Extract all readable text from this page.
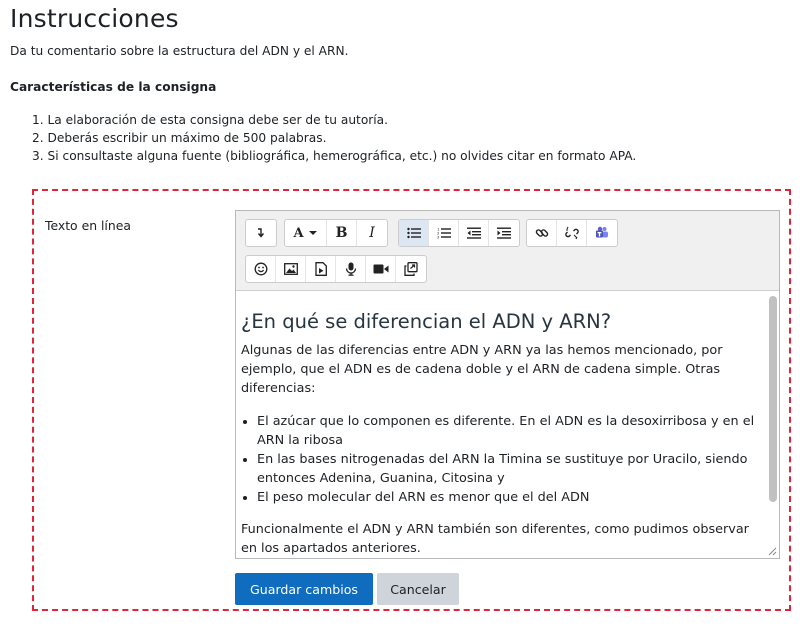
Instrucciones
Da tu comentario sobre la estructura del ADN y el ARN.
Características de la consigna
1. La elaboración de esta consigna debe ser de tu autoría.
2. Deberás escribir un máximo de 500 palabras.
3. Si consultaste alguna fuente (bibliográfica, hemerográfica, etc.) no olvides citar en formato APA.
Texto en línea	A B I	1
2
3
¿En qué se diferencian el ADN y ARN?

Algunas de las diferencias entre ADN y ARN ya las hemos mencionado, por ejemplo, que el ADN es de cadena doble y el ARN de cadena simple. Otras diferencias:

• El azúcar que lo componen es diferente. En el ADN es la desoxirribosa y en el ARN la ribosa
• En las bases nitrogenadas del ARN la Timina se sustituye por Uracilo, siendo entonces Adenina, Guanina, Citosina y
• El peso molecular del ARN es menor que el del ADN

Funcionalmente el ADN y ARN también son diferentes, como pudimos observar en los apartados anteriores.

Guardar cambios	Cancelar
